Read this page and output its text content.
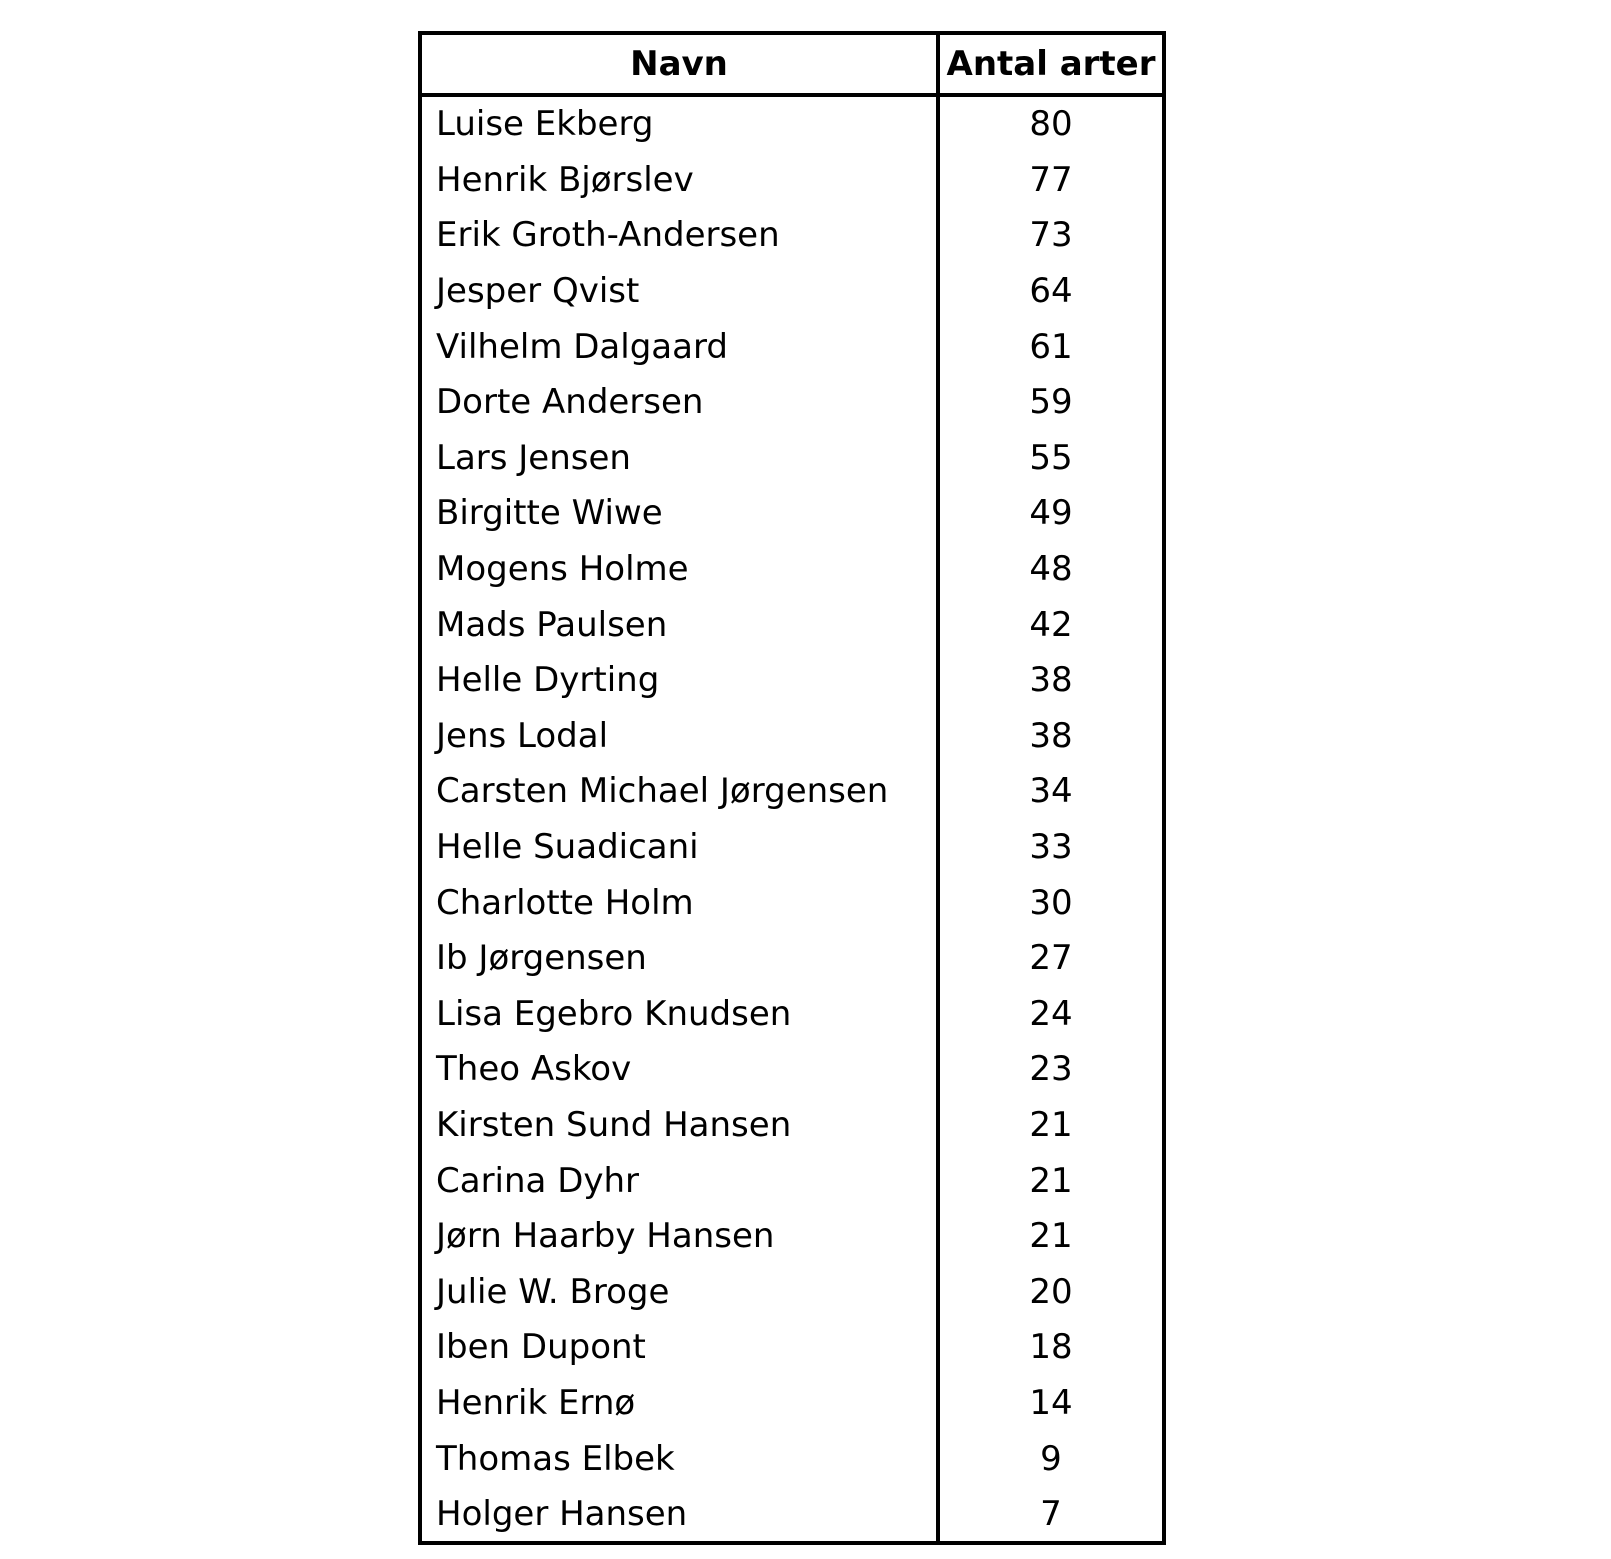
Navn	Antal arter
Luise Ekberg	80
Henrik Bjørslev	77
Erik Groth-Andersen	73
Jesper Qvist	64
Vilhelm Dalgaard	61
Dorte Andersen	59
Lars Jensen	55
Birgitte Wiwe	49
Mogens Holme	48
Mads Paulsen	42
Helle Dyrting	38
Jens Lodal	38
Carsten Michael Jørgensen	34
Helle Suadicani	33
Charlotte Holm	30
Ib Jørgensen	27
Lisa Egebro Knudsen	24
Theo Askov	23
Kirsten Sund Hansen	21
Carina Dyhr	21
Jørn Haarby Hansen	21
Julie W. Broge	20
Iben Dupont	18
Henrik Ernø	14
Thomas Elbek	9
Holger Hansen	7
